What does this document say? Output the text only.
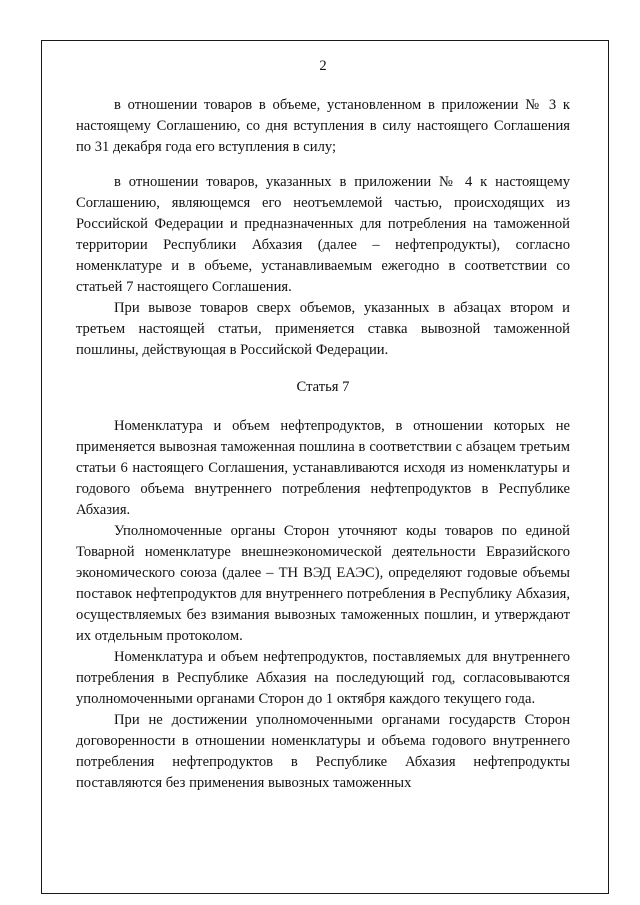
2

в отношении товаров в объеме, установленном в приложении № 3 к настоящему Соглашению, со дня вступления в силу настоящего Соглашения по 31 декабря года его вступления в силу;

в отношении товаров, указанных в приложении № 4 к настоящему Соглашению, являющемся его неотъемлемой частью, происходящих из Российской Федерации и предназначенных для потребления на таможенной территории Республики Абхазия (далее – нефтепродукты), согласно номенклатуре и в объеме, устанавливаемым ежегодно в соответствии со статьей 7 настоящего Соглашения.

При вывозе товаров сверх объемов, указанных в абзацах втором и третьем настоящей статьи, применяется ставка вывозной таможенной пошлины, действующая в Российской Федерации.

Статья 7

Номенклатура и объем нефтепродуктов, в отношении которых не применяется вывозная таможенная пошлина в соответствии с абзацем третьим статьи 6 настоящего Соглашения, устанавливаются исходя из номенклатуры и годового объема внутреннего потребления нефтепродуктов в Республике Абхазия.

Уполномоченные органы Сторон уточняют коды товаров по единой Товарной номенклатуре внешнеэкономической деятельности Евразийского экономического союза (далее – ТН ВЭД ЕАЭС), определяют годовые объемы поставок нефтепродуктов для внутреннего потребления в Республику Абхазия, осуществляемых без взимания вывозных таможенных пошлин, и утверждают их отдельным протоколом.

Номенклатура и объем нефтепродуктов, поставляемых для внутреннего потребления в Республике Абхазия на последующий год, согласовываются уполномоченными органами Сторон до 1 октября каждого текущего года.

При не достижении уполномоченными органами государств Сторон договоренности в отношении номенклатуры и объема годового внутреннего потребления нефтепродуктов в Республике Абхазия нефтепродукты поставляются без применения вывозных таможенных
